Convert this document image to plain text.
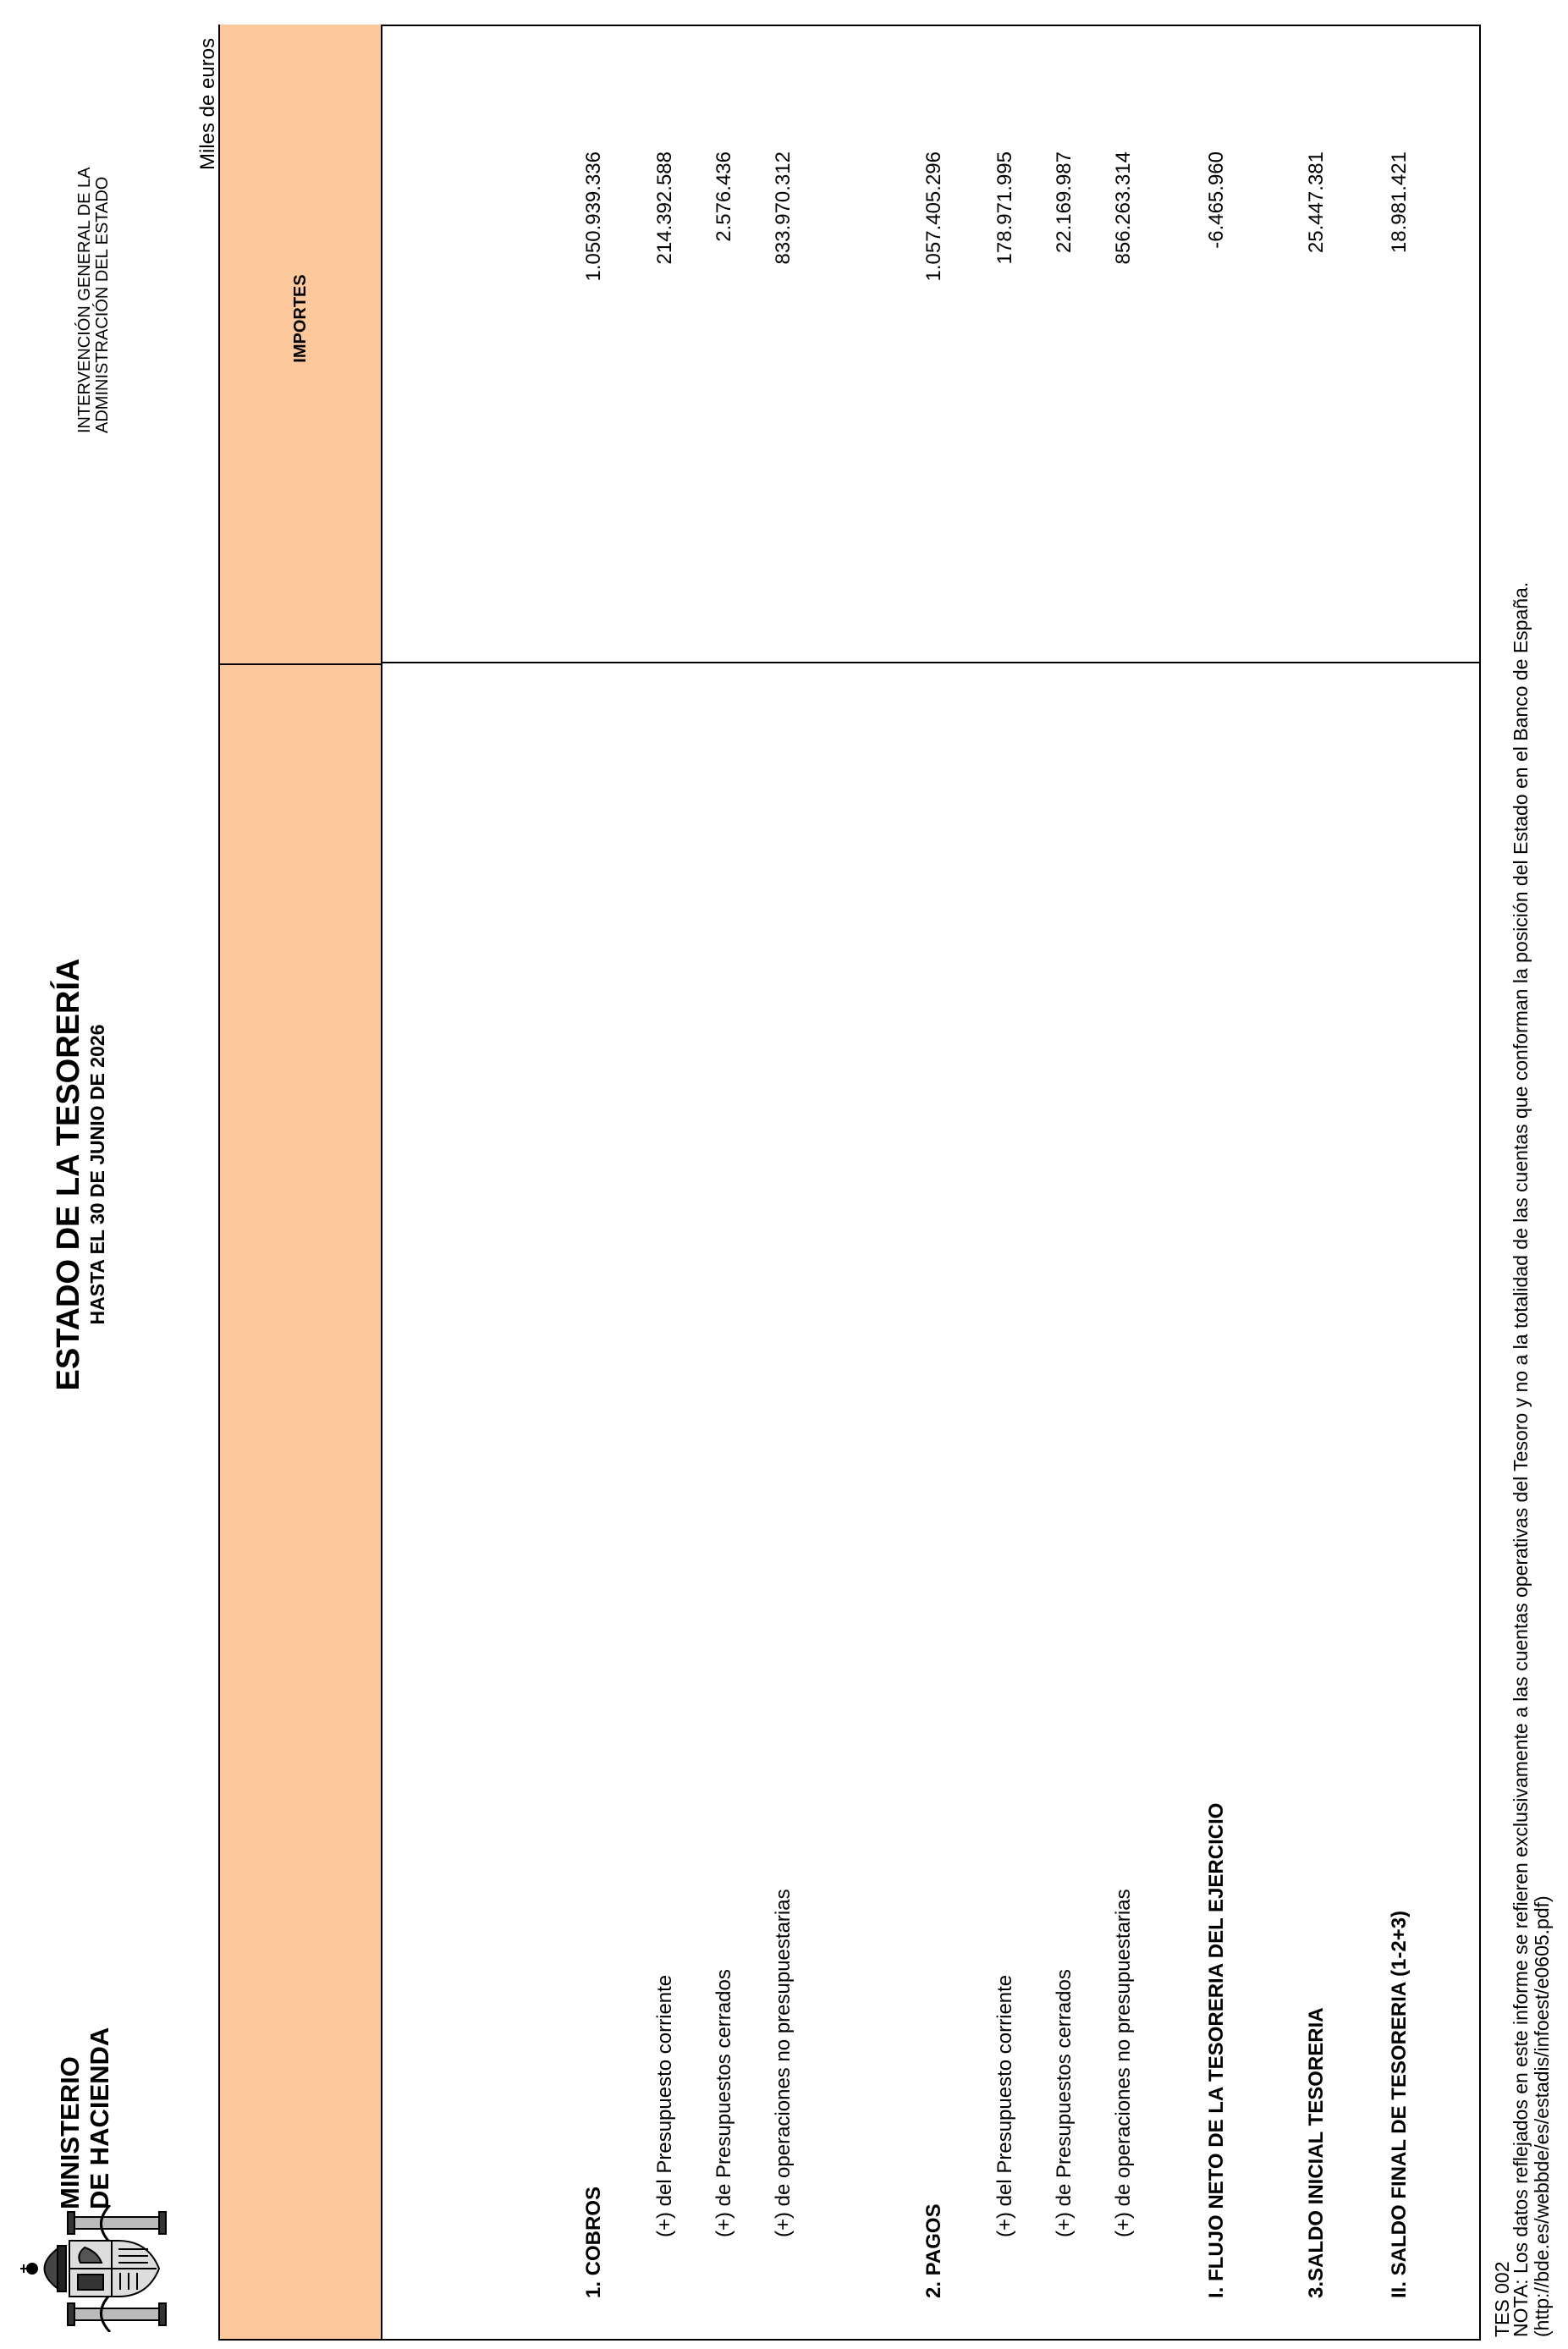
MINISTERIO DE HACIENDA
ESTADO DE LA TESORERÍA HASTA EL 30 DE JUNIO DE 2026
INTERVENCIÓN GENERAL DE LA ADMINISTRACIÓN DEL ESTADO
Miles de euros
IMPORTES
1. COBROS
1.050.939.336
(+) del Presupuesto corriente
214.392.588
(+) de Presupuestos cerrados
2.576.436
(+) de operaciones no presupuestarias
833.970.312
2. PAGOS
1.057.405.296
(+) del Presupuesto corriente
178.971.995
(+) de Presupuestos cerrados
22.169.987
(+) de operaciones no presupuestarias
856.263.314
I. FLUJO NETO DE LA TESORERIA DEL EJERCICIO
-6.465.960
3.SALDO INICIAL TESORERIA
25.447.381
II. SALDO FINAL DE TESORERIA (1-2+3)
18.981.421
TES 002
NOTA: Los datos reflejados en este informe se refieren exclusivamente a las cuentas operativas del Tesoro y no a la totalidad de las cuentas que conforman la posición del Estado en el Banco de España. (http://bde.es/webbde/es/estadis/infoest/e0605.pdf)
